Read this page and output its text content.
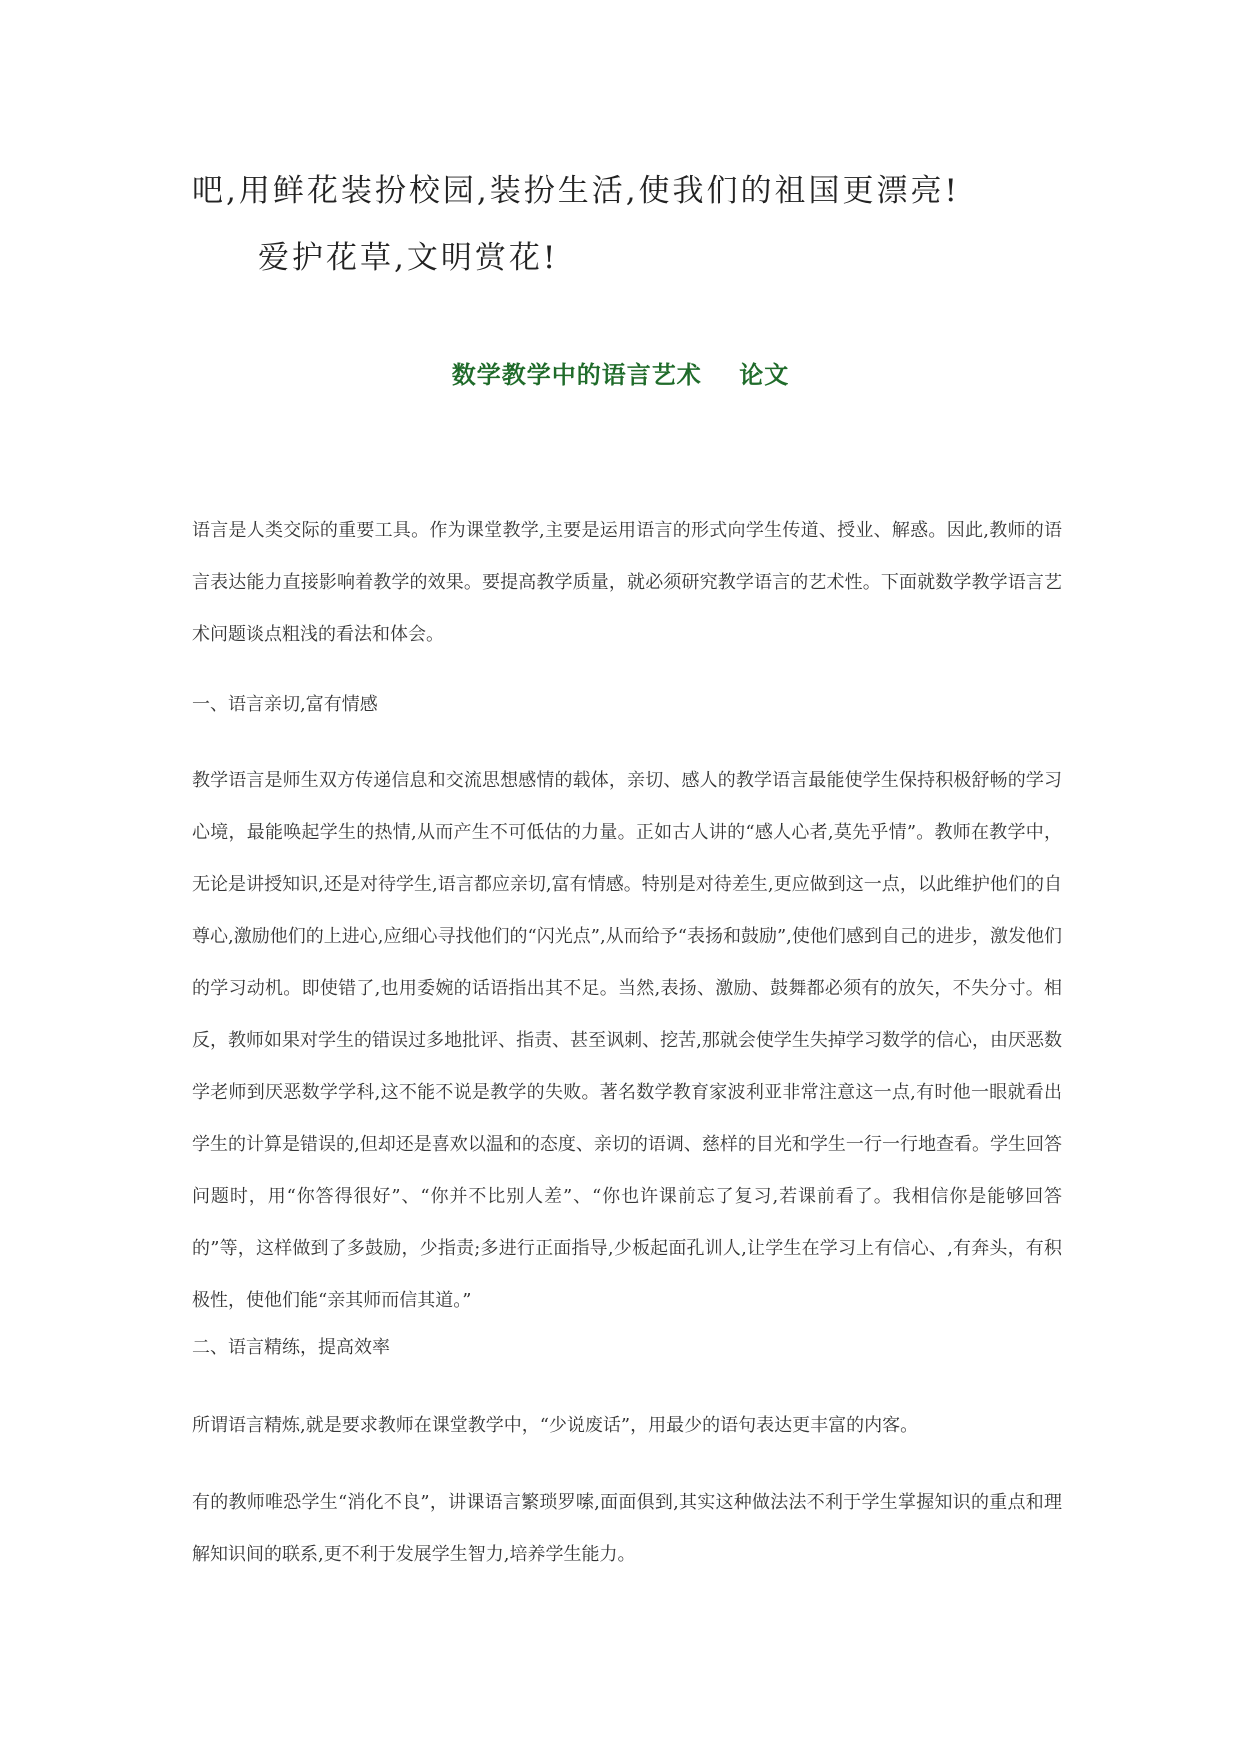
吧,用鲜花装扮校园,装扮生活,使我们的祖国更漂亮!
爱护花草,文明赏花!
数学教学中的语言艺术    论文

语言是人类交际的重要工具。作为课堂教学,主要是运用语言的形式向学生传道、授业、解惑。因此,教师的语言表达能力直接影响着教学的效果。要提高教学质量，就必须研究教学语言的艺术性。下面就数学教学语言艺术问题谈点粗浅的看法和体会。

一、语言亲切,富有情感

教学语言是师生双方传递信息和交流思想感情的载体，亲切、感人的教学语言最能使学生保持积极舒畅的学习心境，最能唤起学生的热情,从而产生不可低估的力量。正如古人讲的“感人心者,莫先乎情”。教师在教学中，无论是讲授知识,还是对待学生,语言都应亲切,富有情感。特别是对待差生,更应做到这一点，以此维护他们的自尊心,激励他们的上进心,应细心寻找他们的“闪光点”,从而给予“表扬和鼓励”,使他们感到自己的进步，激发他们的学习动机。即使错了,也用委婉的话语指出其不足。当然,表扬、激励、鼓舞都必须有的放矢，不失分寸。相反，教师如果对学生的错误过多地批评、指责、甚至讽刺、挖苦,那就会使学生失掉学习数学的信心，由厌恶数学老师到厌恶数学学科,这不能不说是教学的失败。著名数学教育家波利亚非常注意这一点,有时他一眼就看出学生的计算是错误的,但却还是喜欢以温和的态度、亲切的语调、慈样的目光和学生一行一行地查看。学生回答问题时，用“你答得很好”、“你并不比别人差”、“你也许课前忘了复习,若课前看了。我相信你是能够回答的”等，这样做到了多鼓励，少指责;多进行正面指导,少板起面孔训人,让学生在学习上有信心、,有奔头，有积极性，使他们能“亲其师而信其道。”

二、语言精练，提高效率

所谓语言精炼,就是要求教师在课堂教学中，“少说废话”，用最少的语句表达更丰富的内客。

有的教师唯恐学生“消化不良”，讲课语言繁琐罗嗦,面面俱到,其实这种做法法不利于学生掌握知识的重点和理解知识间的联系,更不利于发展学生智力,培养学生能力。
